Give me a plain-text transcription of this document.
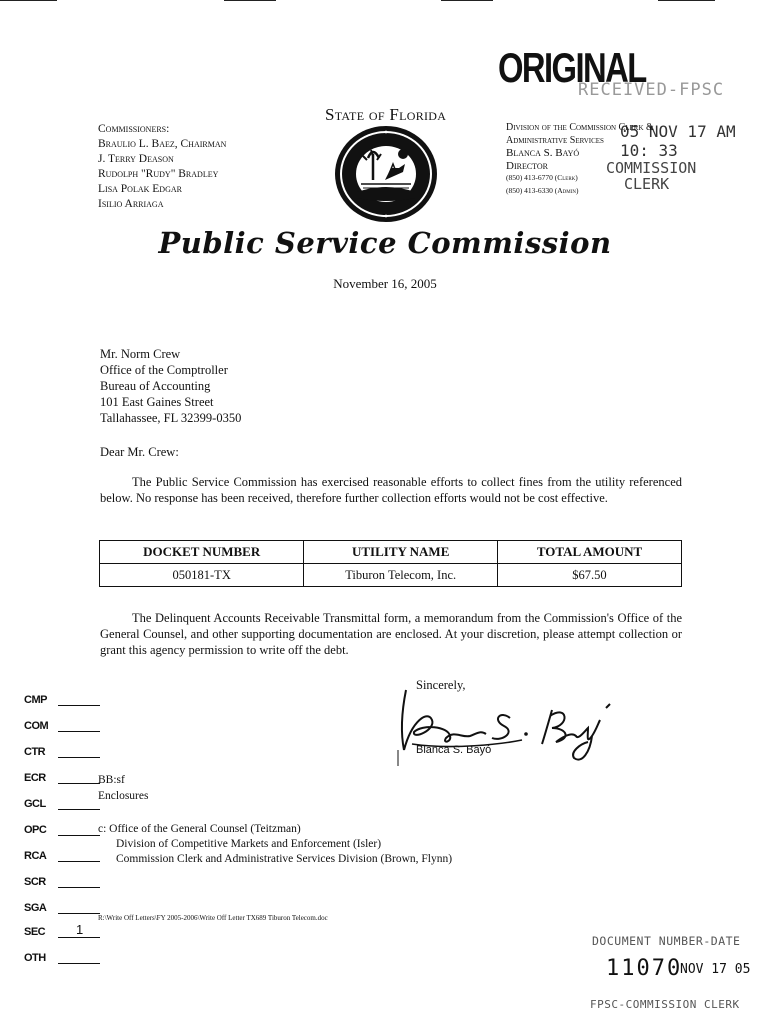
ORIGINAL
RECEIVED-FPSC
05 NOV 17 AM 10: 33
COMMISSION
CLERK
Commissioners:
Braulio L. Baez, Chairman
J. Terry Deason
Rudolph "Rudy" Bradley
Lisa Polak Edgar
Isilio Arriaga
State of Florida
Division of the Commission Clerk &
Administrative Services
Blanca S. Bayó
Director
(850) 413-6770 (Clerk)
(850) 413-6330 (Admin)
Public Service Commission
November 16, 2005
Mr. Norm Crew
Office of the Comptroller
Bureau of Accounting
101 East Gaines Street
Tallahassee, FL 32399-0350
Dear Mr. Crew:
The Public Service Commission has exercised reasonable efforts to collect fines from the utility referenced below. No response has been received, therefore further collection efforts would not be cost effective.
DOCKET NUMBER	UTILITY NAME	TOTAL AMOUNT
050181-TX	Tiburon Telecom, Inc.	$67.50
The Delinquent Accounts Receivable Transmittal form, a memorandum from the Commission's Office of the General Counsel, and other supporting documentation are enclosed. At your discretion, please attempt collection or grant this agency permission to write off the debt.
Sincerely,
Blanca S. Bayó
CMP
COM
CTR
ECR
GCL
OPC
RCA
SCR
SGA
SEC 1
OTH
BB:sf
Enclosures
c: Office of the General Counsel (Teitzman)
Division of Competitive Markets and Enforcement (Isler)
Commission Clerk and Administrative Services Division (Brown, Flynn)
R:\Write Off Letters\FY 2005-2006\Write Off Letter TX689 Tiburon Telecom.doc
DOCUMENT NUMBER-DATE
11070
NOV 17 05
FPSC-COMMISSION CLERK
